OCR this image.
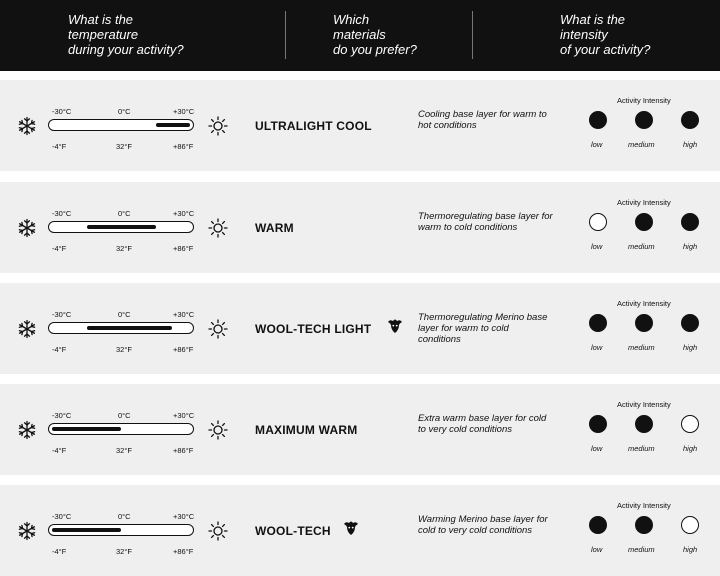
What is the
temperature
during your activity?
Which
materials
do you prefer?
What is the
intensity
of your activity?
-30°C	0°C	+30°C
-4°F	32°F	+86°F
ULTRALIGHT COOL
Cooling base layer for warm to hot conditions
Activity Intensity
low	medium	high
-30°C	0°C	+30°C
-4°F	32°F	+86°F
WARM
Thermoregulating base layer for warm to cold conditions
Activity Intensity
low	medium	high
-30°C	0°C	+30°C
-4°F	32°F	+86°F
WOOL-TECH LIGHT
Thermoregulating Merino base layer for warm to cold conditions
Activity Intensity
low	medium	high
-30°C	0°C	+30°C
-4°F	32°F	+86°F
MAXIMUM WARM
Extra warm base layer for cold to very cold conditions
Activity Intensity
low	medium	high
-30°C	0°C	+30°C
-4°F	32°F	+86°F
WOOL-TECH
Warming Merino base layer for cold to very cold conditions
Activity Intensity
low	medium	high
